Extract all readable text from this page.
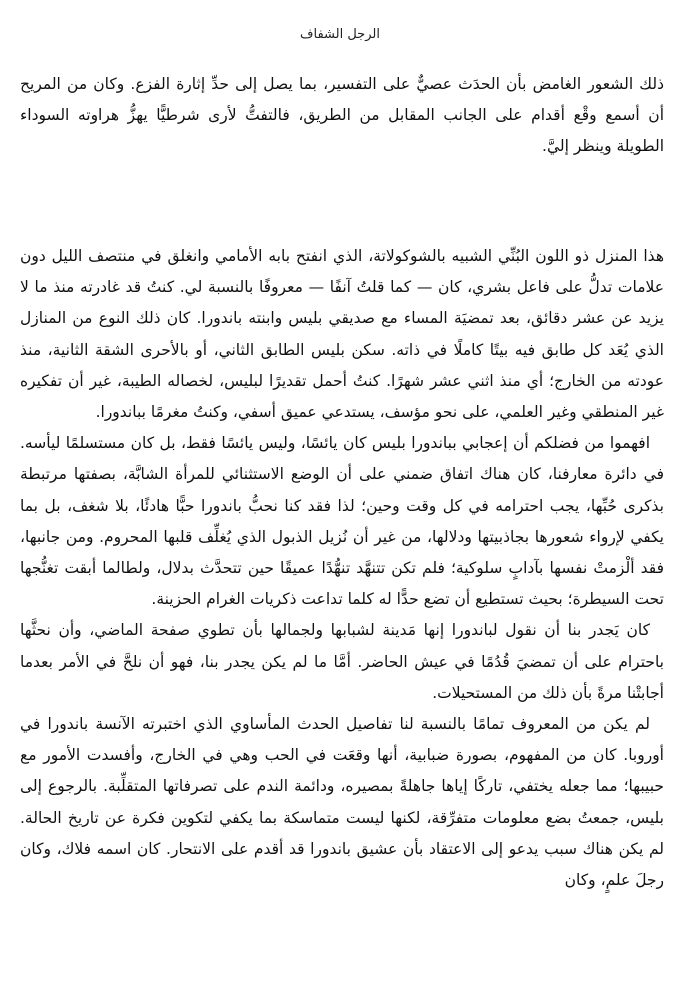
الرجل الشفاف

ذلك الشعور الغامض بأن الحدَث عصيٌّ على التفسير، بما يصل إلى حدِّ إثارة الفزع. وكان من المريح أن أسمع وقْع أقدام على الجانب المقابل من الطريق، فالتفتُّ لأرى شرطيًّا يهزُّ هراوته السوداء الطويلة وينظر إليَّ.

هذا المنزل ذو اللون البُنِّي الشبيه بالشوكولاتة، الذي انفتح بابه الأمامي وانغلق في منتصف الليل دون علامات تدلُّ على فاعل بشري، كان — كما قلتُ آنفًا — معروفًا بالنسبة لي. كنتُ قد غادرته منذ ما لا يزيد عن عشر دقائق، بعد تمضيَة المساء مع صديقي بليس وابنته باندورا. كان ذلك النوع من المنازل الذي يُعَد كل طابق فيه بيتًا كاملًا في ذاته. سكن بليس الطابق الثاني، أو بالأحرى الشقة الثانية، منذ عودته من الخارج؛ أي منذ اثني عشر شهرًا. كنتُ أحمل تقديرًا لبليس، لخصاله الطيبة، غير أن تفكيره غير المنطقي وغير العلمي، على نحو مؤسف، يستدعي عميق أسفي، وكنتُ مغرمًا بباندورا.

افهموا من فضلكم أن إعجابي بباندورا بليس كان يائسًا، وليس يائسًا فقط، بل كان مستسلمًا ليأسه. في دائرة معارفنا، كان هناك اتفاق ضمني على أن الوضع الاستثنائي للمرأة الشابَّة، بصفتها مرتبطة بذكرى حُبِّها، يجب احترامه في كل وقت وحين؛ لذا فقد كنا نحبُّ باندورا حبًّا هادئًا، بلا شغف، بل بما يكفي لإرواء شعورها بجاذبيتها ودلالها، من غير أن نُزيل الذبول الذي يُغلِّف قلبها المحروم. ومن جانبها، فقد ألْزمتْ نفسها بآدابٍ سلوكية؛ فلم تكن تتنهَّد تنهُّدًا عميقًا حين تتحدَّث بدلال، ولطالما أبقت تغنُّجها تحت السيطرة؛ بحيث تستطيع أن تضع حدًّا له كلما تداعت ذكريات الغرام الحزينة.

كان يَجدر بنا أن نقول لباندورا إنها مَدينة لشبابها ولجمالها بأن تطوي صفحة الماضي، وأن نحثَّها باحترام على أن تمضيَ قُدُمًا في عيش الحاضر. أمَّا ما لم يكن يجدر بنا، فهو أن نلحَّ في الأمر بعدما أجابتْنا مرةً بأن ذلك من المستحيلات.

لم يكن من المعروف تمامًا بالنسبة لنا تفاصيل الحدث المأساوي الذي اختبرته الآنسة باندورا في أوروبا. كان من المفهوم، بصورة ضبابية، أنها وقعَت في الحب وهي في الخارج، وأفسدت الأمور مع حبيبها؛ مما جعله يختفي، تاركًا إياها جاهلةً بمصيره، ودائمة الندم على تصرفاتها المتقلِّبة. بالرجوع إلى بليس، جمعتُ بضع معلومات متفرِّقة، لكنها ليست متماسكة بما يكفي لتكوين فكرة عن تاريخ الحالة. لم يكن هناك سبب يدعو إلى الاعتقاد بأن عشيق باندورا قد أقدم على الانتحار. كان اسمه فلاك، وكان رجلَ علمٍ، وكان
